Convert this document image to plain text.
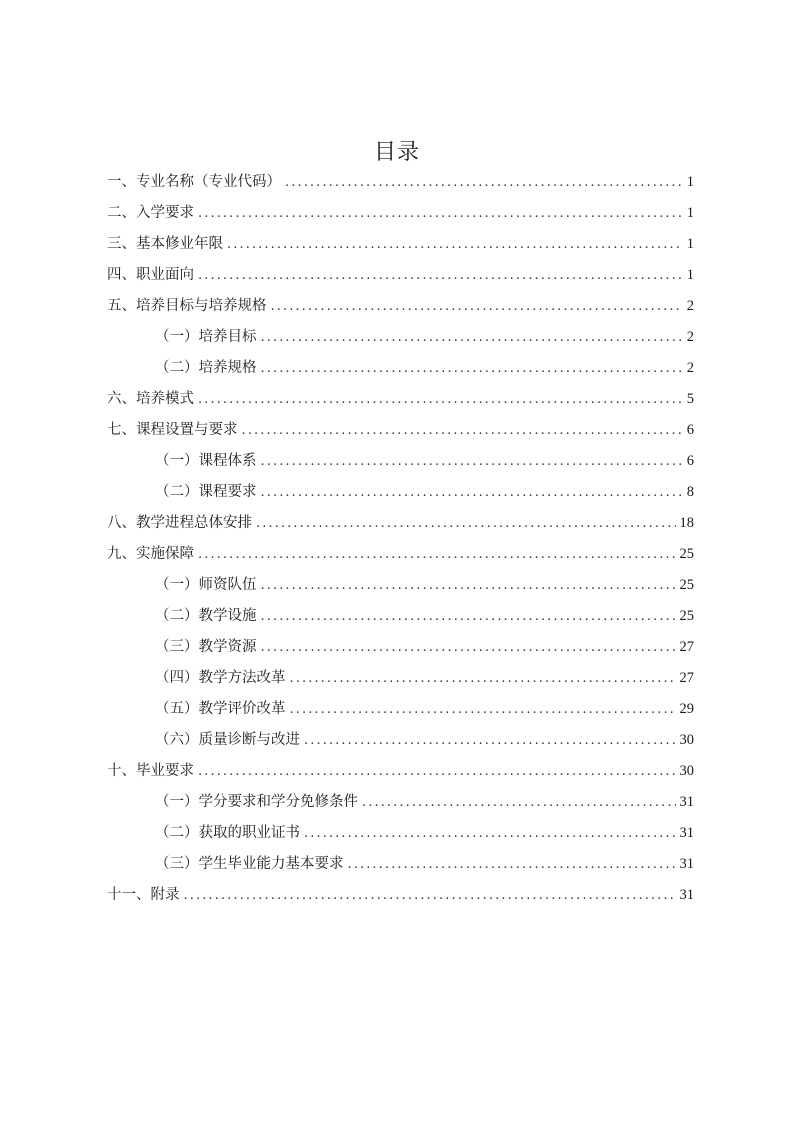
目录
一、专业名称（专业代码） .....	1
二、入学要求 .....	1
三、基本修业年限 .....	1
四、职业面向 .....	1
五、培养目标与培养规格 .....	2
（一）培养目标 .....	2
（二）培养规格 .....	2
六、培养模式 .....	5
七、课程设置与要求 .....	6
（一）课程体系 .....	6
（二）课程要求 .....	8
八、教学进程总体安排 .....	18
九、实施保障 .....	25
（一）师资队伍 .....	25
（二）教学设施 .....	25
（三）教学资源 .....	27
（四）教学方法改革 .....	27
（五）教学评价改革 .....	29
（六）质量诊断与改进 .....	30
十、毕业要求 .....	30
（一）学分要求和学分免修条件 .....	31
（二）获取的职业证书 .....	31
（三）学生毕业能力基本要求 .....	31
十一、附录 .....	31
